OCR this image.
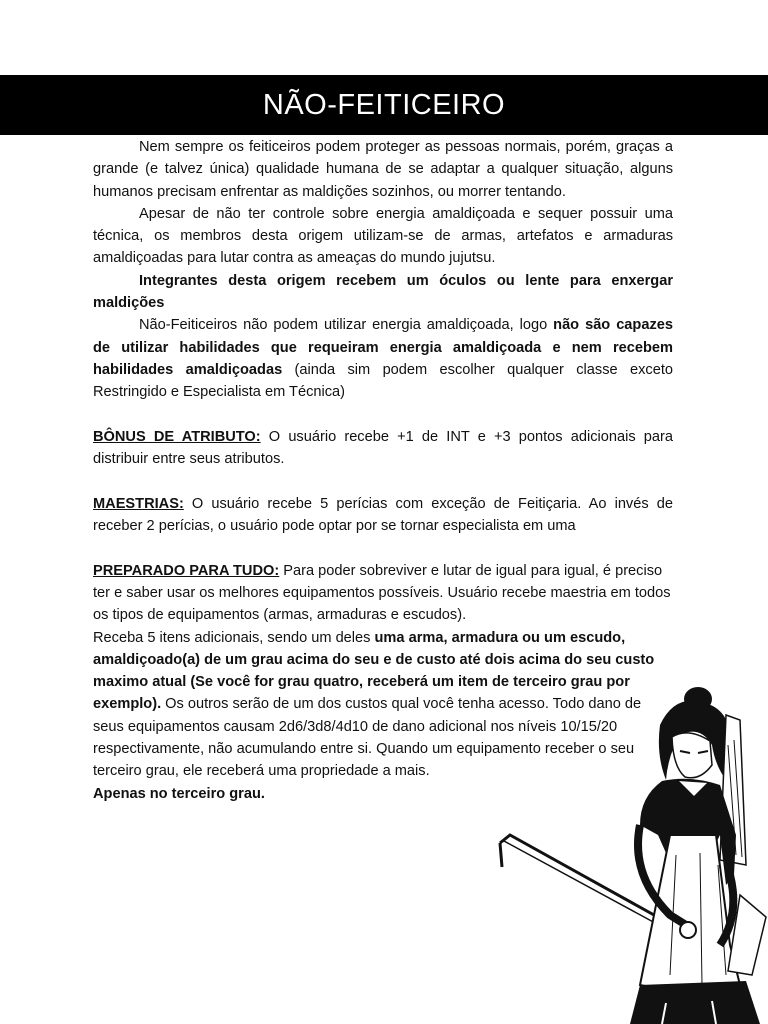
NÃO-FEITICEIRO

Nem sempre os feiticeiros podem proteger as pessoas normais, porém, graças a grande (e talvez única) qualidade humana de se adaptar a qualquer situação, alguns humanos precisam enfrentar as maldições sozinhos, ou morrer tentando.

Apesar de não ter controle sobre energia amaldiçoada e sequer possuir uma técnica, os membros desta origem utilizam-se de armas, artefatos e armaduras amaldiçoadas para lutar contra as ameaças do mundo jujutsu.

Integrantes desta origem recebem um óculos ou lente para enxergar maldições

Não-Feiticeiros não podem utilizar energia amaldiçoada, logo não são capazes de utilizar habilidades que requeiram energia amaldiçoada e nem recebem habilidades amaldiçoadas (ainda sim podem escolher qualquer classe exceto Restringido e Especialista em Técnica)

BÔNUS DE ATRIBUTO: O usuário recebe +1 de INT e +3 pontos adicionais para distribuir entre seus atributos.

MAESTRIAS: O usuário recebe 5 perícias com exceção de Feitiçaria. Ao invés de receber 2 perícias, o usuário pode optar por se tornar especialista em uma

PREPARADO PARA TUDO: Para poder sobreviver e lutar de igual para igual, é preciso ter e saber usar os melhores equipamentos possíveis. Usuário recebe maestria em todos os tipos de equipamentos (armas, armaduras e escudos).

Receba 5 itens adicionais, sendo um deles uma arma, armadura ou um escudo, amaldiçoado(a) de um grau acima do seu e de custo até dois acima do seu custo maximo atual (Se você for grau quatro, receberá um item de terceiro grau por exemplo). Os outros serão de um dos custos qual você tenha acesso. Todo dano de seus equipamentos causam 2d6/3d8/4d10 de dano adicional nos níveis 10/15/20 respectivamente, não acumulando entre si. Quando um equipamento receber o seu terceiro grau, ele receberá uma propriedade a mais.

Apenas no terceiro grau.
